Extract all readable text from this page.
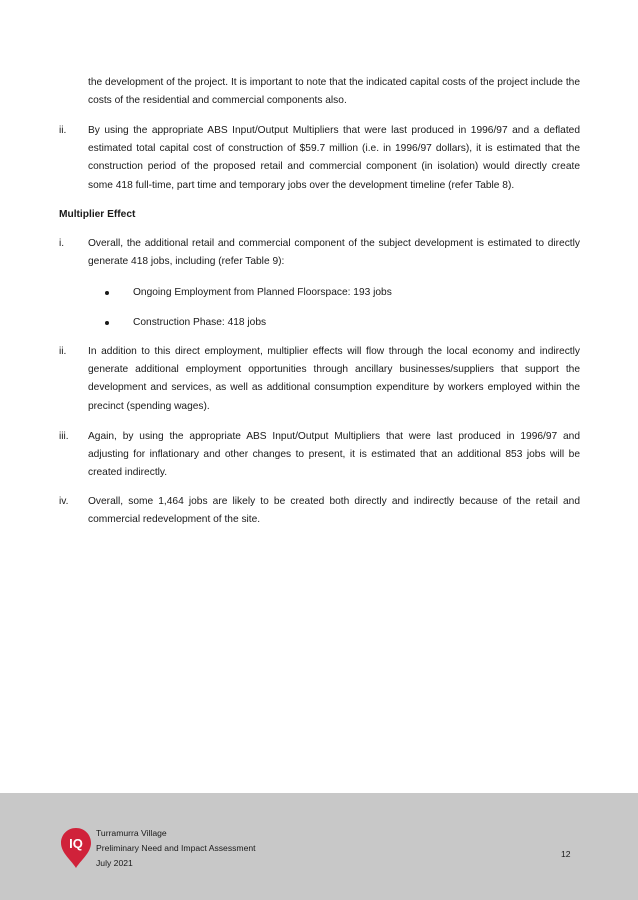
the development of the project. It is important to note that the indicated capital costs of the project include the costs of the residential and commercial components also.

ii. By using the appropriate ABS Input/Output Multipliers that were last produced in 1996/97 and a deflated estimated total capital cost of construction of $59.7 million (i.e. in 1996/97 dollars), it is estimated that the construction period of the proposed retail and commercial component (in isolation) would directly create some 418 full-time, part time and temporary jobs over the development timeline (refer Table 8).

Multiplier Effect

i. Overall, the additional retail and commercial component of the subject development is estimated to directly generate 418 jobs, including (refer Table 9):

Ongoing Employment from Planned Floorspace: 193 jobs

Construction Phase: 418 jobs

ii. In addition to this direct employment, multiplier effects will flow through the local economy and indirectly generate additional employment opportunities through ancillary businesses/suppliers that support the development and services, as well as additional consumption expenditure by workers employed within the precinct (spending wages).

iii. Again, by using the appropriate ABS Input/Output Multipliers that were last produced in 1996/97 and adjusting for inflationary and other changes to present, it is estimated that an additional 853 jobs will be created indirectly.

iv. Overall, some 1,464 jobs are likely to be created both directly and indirectly because of the retail and commercial redevelopment of the site.

IQ
Turramurra Village
Preliminary Need and Impact Assessment
July 2021
12
